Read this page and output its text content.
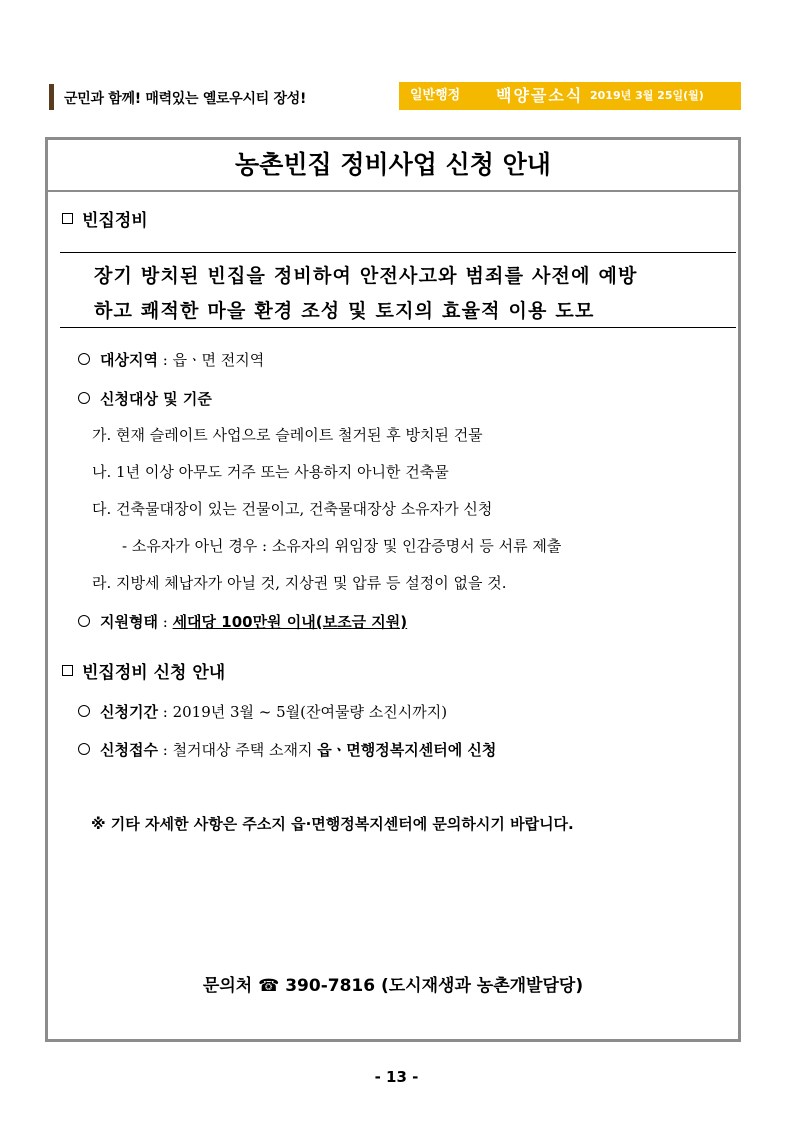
군민과 함께! 매력있는 옐로우시티 장성!	일반행정 백양골소식 2019년 3월 25일(월)
농촌빈집 정비사업 신청 안내
빈집정비
장기 방치된 빈집을 정비하여 안전사고와 범죄를 사전에 예방
하고 쾌적한 마을 환경 조성 및 토지의 효율적 이용 도모
대상지역 : 읍ㆍ면 전지역
신청대상 및 기준
가. 현재 슬레이트 사업으로 슬레이트 철거된 후 방치된 건물
나. 1년 이상 아무도 거주 또는 사용하지 아니한 건축물
다. 건축물대장이 있는 건물이고, 건축물대장상 소유자가 신청
- 소유자가 아닌 경우 : 소유자의 위임장 및 인감증명서 등 서류 제출
라. 지방세 체납자가 아닐 것, 지상권 및 압류 등 설정이 없을 것.
지원형태 : 세대당 100만원 이내(보조금 지원)
빈집정비 신청 안내
신청기간 : 2019년 3월 ~ 5월(잔여물량 소진시까지)
신청접수 : 철거대상 주택 소재지 읍ㆍ면행정복지센터에 신청
※ 기타 자세한 사항은 주소지 읍·면행정복지센터에 문의하시기 바랍니다.
문의처 ☎ 390-7816 (도시재생과 농촌개발담당)
- 13 -
